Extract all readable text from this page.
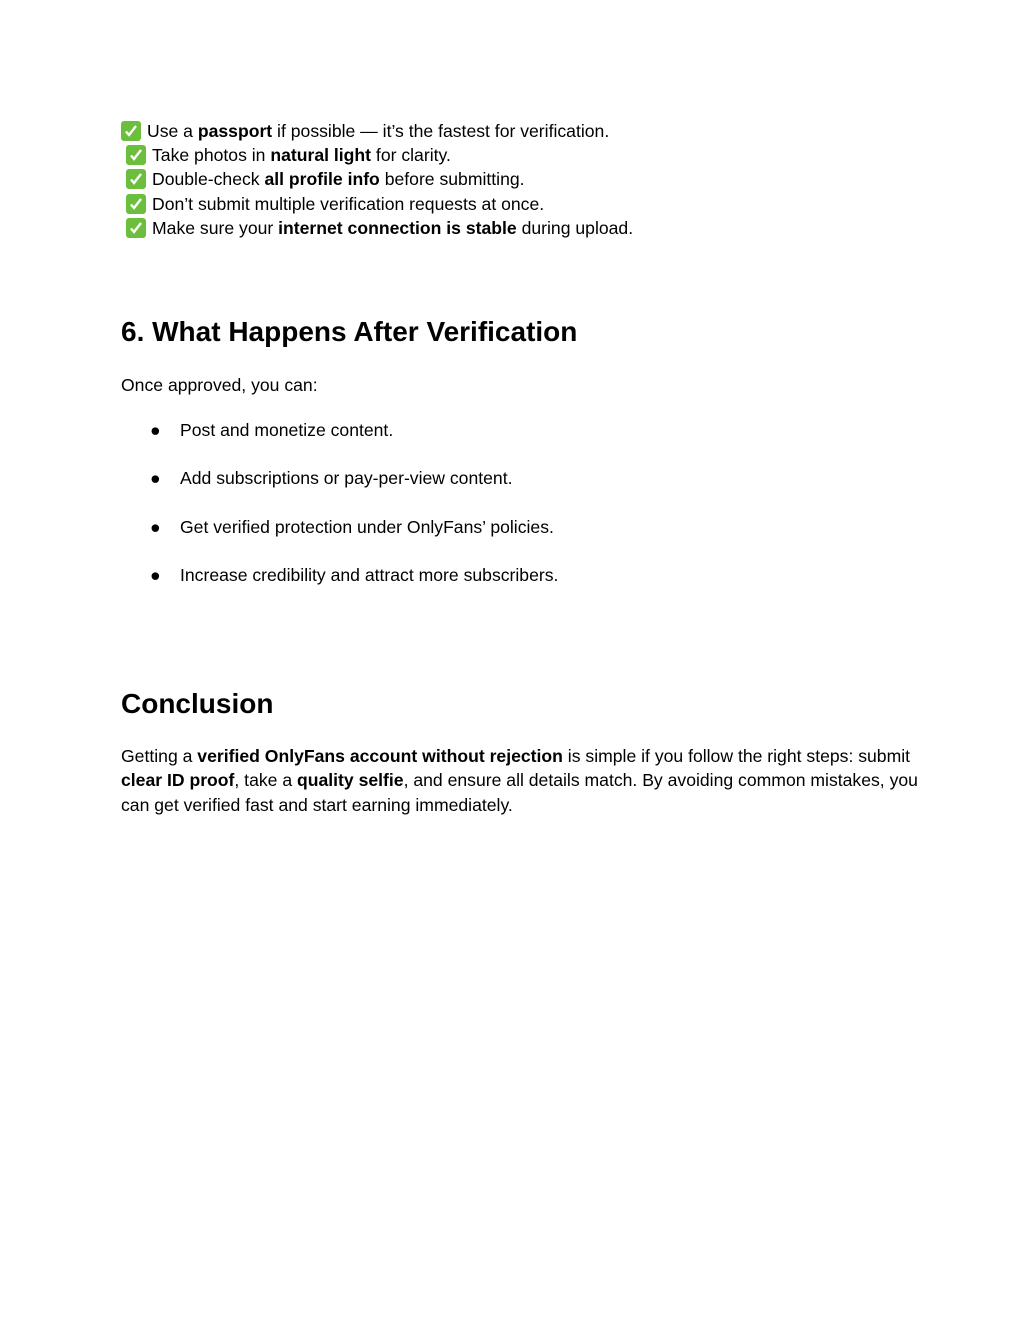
Use a passport if possible — it’s the fastest for verification.
Take photos in natural light for clarity.
Double-check all profile info before submitting.
Don’t submit multiple verification requests at once.
Make sure your internet connection is stable during upload.
6. What Happens After Verification
Once approved, you can:
● Post and monetize content.
● Add subscriptions or pay-per-view content.
● Get verified protection under OnlyFans’ policies.
● Increase credibility and attract more subscribers.
Conclusion
Getting a verified OnlyFans account without rejection is simple if you follow the right steps: submit clear ID proof, take a quality selfie, and ensure all details match. By avoiding common mistakes, you can get verified fast and start earning immediately.
